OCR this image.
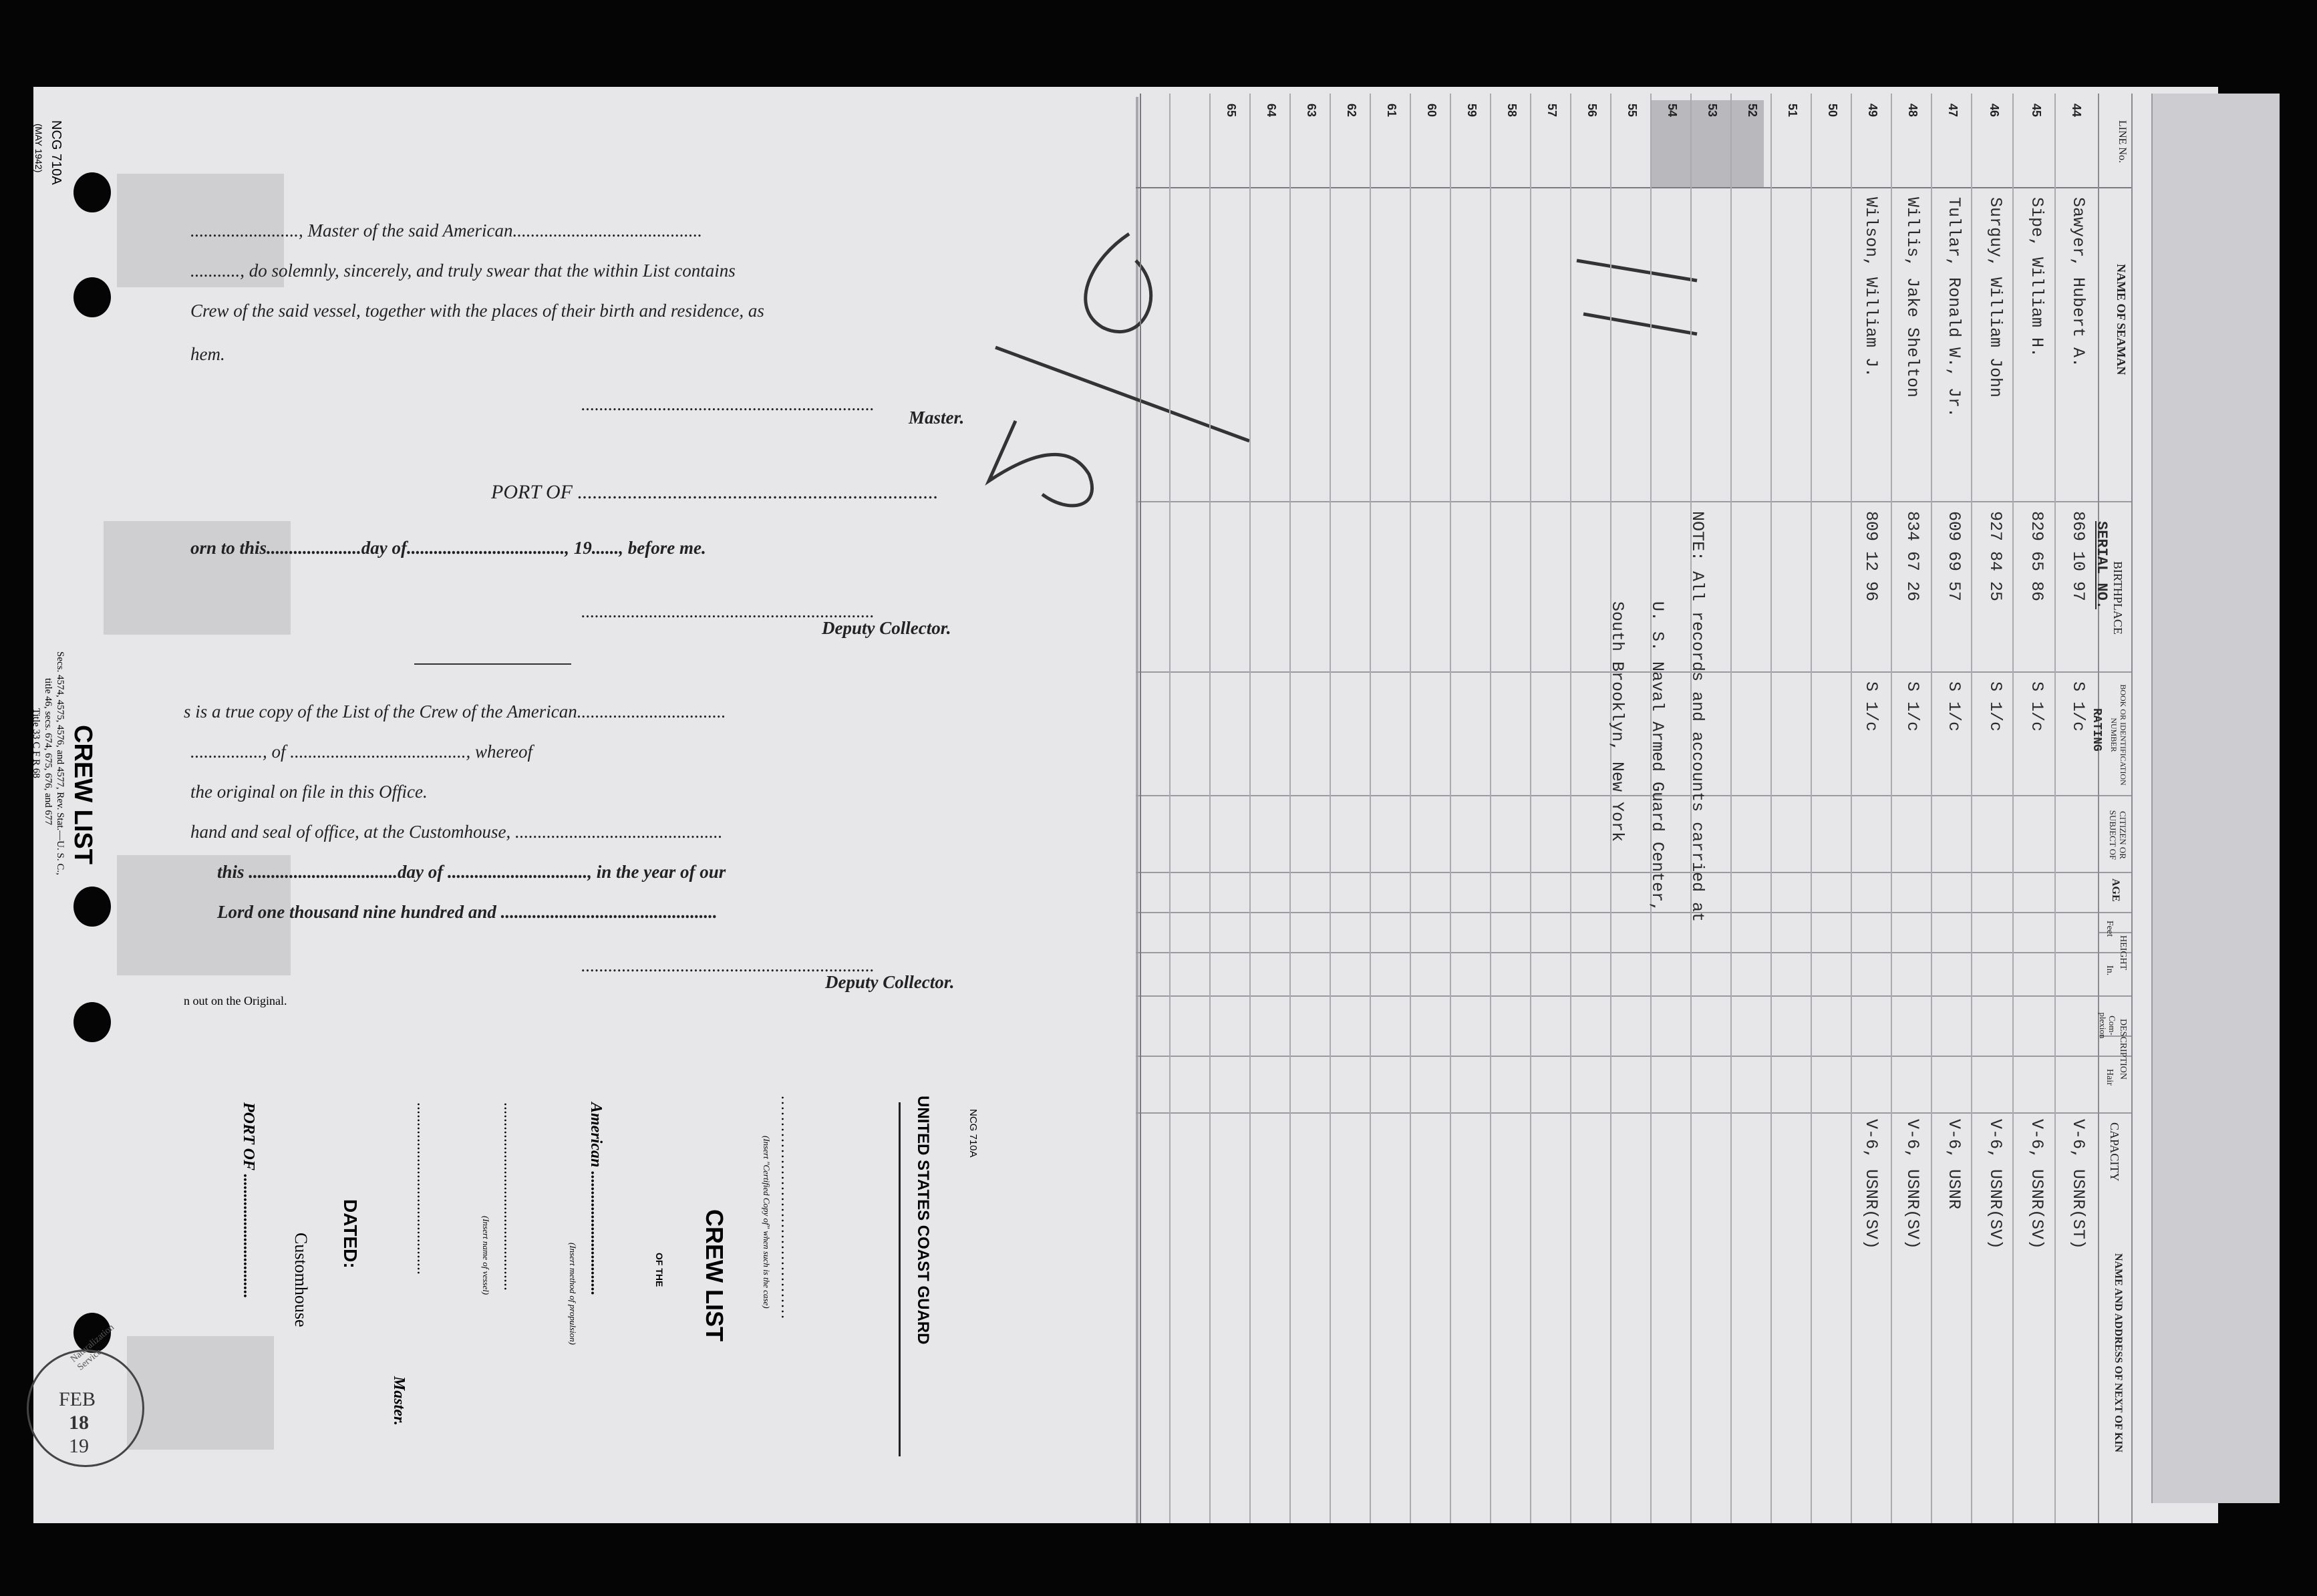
NCG 710A
(MAY 1942)
CREW LIST
Secs. 4574, 4575, 4576, and 4577, Rev. Stat.—U. S. C.,
title 46, secs. 674, 675, 676, and 677
Title 33 C F R 68
........................, Master of the said American..........................................
..........., do solemnly, sincerely, and truly swear that the within List contains
Crew of the said vessel, together with the places of their birth and residence, as
hem.
.................................................................
Master.
PORT OF ........................................................................
orn to this.....................day of..................................., 19......, before me.
.................................................................
Deputy Collector.
s is a true copy of the List of the Crew of the American.................................
................, of ......................................., whereof
the original on file in this Office.
hand and seal of office, at the Customhouse, ..............................................
this .................................day of ..............................., in the year of our
Lord one thousand nine hundred and ................................................
.................................................................
Deputy Collector.
n out on the Original.
NCG 710A
UNITED STATES COAST GUARD
..........................................
(Insert "Certified Copy of" when such is the case)
CREW LIST
OF THE
American ...............................
(Insert method of propulsion)
...............................................
(Insert name of vessel)
...........................................
Master.
DATED:
Customhouse
PORT OF ...............................
Naturalization Service
FEB
18
19
LINE No.
NAME OF SEAMAN
BIRTHPLACE
SERIAL NO.
BOOK OR IDENTIFICATION NUMBER
RATING
CITIZEN OR SUBJECT OF
AGE
HEIGHT
Feet
In.
DESCRIPTION
Com- plexion
Hair
CAPACITY
NAME AND ADDRESS OF NEXT OF KIN
44
45
46
47
48
49
50
51
52
53
54
55
56
57
58
59
60
61
62
63
64
65
Sawyer, Hubert A.
Sipe, William H.
Surguy, William John
Tullar, Ronald W., Jr.
Willis, Jake Shelton
Wilson, William J.
869 10 97
829 65 86
927 84 25
609 69 57
834 67 26
809 12 96
S 1/c
S 1/c
S 1/c
S 1/c
S 1/c
S 1/c
V-6, USNR(ST)
V-6, USNR(SV)
V-6, USNR(SV)
V-6, USNR
V-6, USNR(SV)
V-6, USNR(SV)
NOTE: All records and accounts carried at
U. S. Naval Armed Guard Center,
South Brooklyn, New York
